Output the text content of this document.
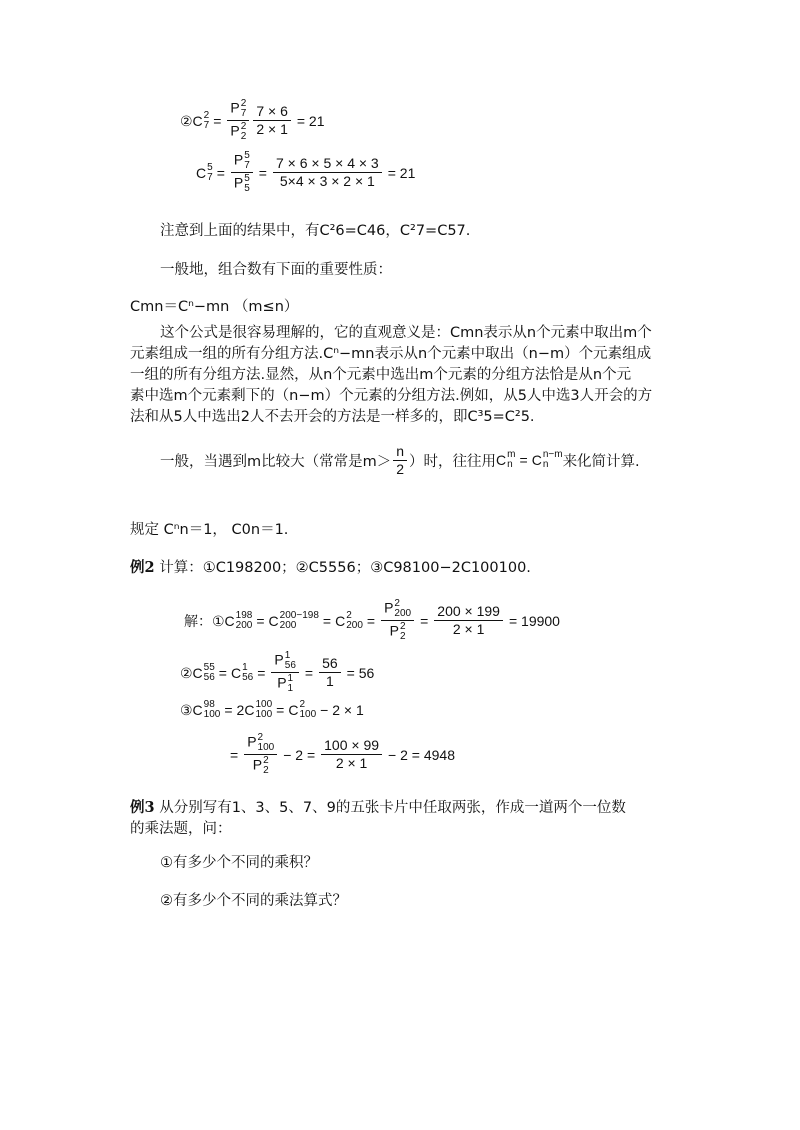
②C 2
7 = P 2
7
P 2
$2 \frac{7 \times 6}{2 \times 1} = 21$
C 5
7 = P 5
7
P 5
$5 = \frac{7 \times 6 \times 5 \times 4 \times 3}{5\times 4 \times 3 \times 2 \times 1} = 21$
注意到上面的结果中，有C²6=C46，C²7=C57.
一般地，组合数有下面的重要性质：
Cmn＝Cⁿ−mn （m≤n）
这个公式是很容易理解的，它的直观意义是：Cmn表示从n个元素中取出m个
元素组成一组的所有分组方法.Cⁿ−mn表示从n个元素中取出（n−m）个元素组成
一组的所有分组方法.显然，从n个元素中选出m个元素的分组方法恰是从n个元
素中选m个元素剩下的（n−m）个元素的分组方法.例如，从5人中选3人开会的方
法和从5人中选出2人不去开会的方法是一样多的，即C³5=C²5.
一般，当遇到m比较大（常常是$m> \frac{n}{2}$ ）时，往往用 C m
n = C n−m
n 来化简计算.
规定 Cⁿn＝1， C0n＝1.
例2 计算：①C198200；②C5556；③C98100−2C100100.
解：①C 198
200 = C 200−198
200	= C 2
200 = P 2
200
P 2
$2 = \frac{200 \times 199}{2 \times 1} = 19900$
②C 55
56 = C 1
56 = P 1
56
P 1
$1 = \frac{56}{1} = 56$
③C 98
100 = 2C 100
100 = C 2
100 − 2 × 1
= P 2
100
P 2
$2 - 2 = \frac{100 \times 99}{2 \times 1} - 2 = 4948$
例3 从分别写有1、3、5、7、9的五张卡片中任取两张，作成一道两个一位数
的乘法题，问：
①有多少个不同的乘积？
②有多少个不同的乘法算式？
